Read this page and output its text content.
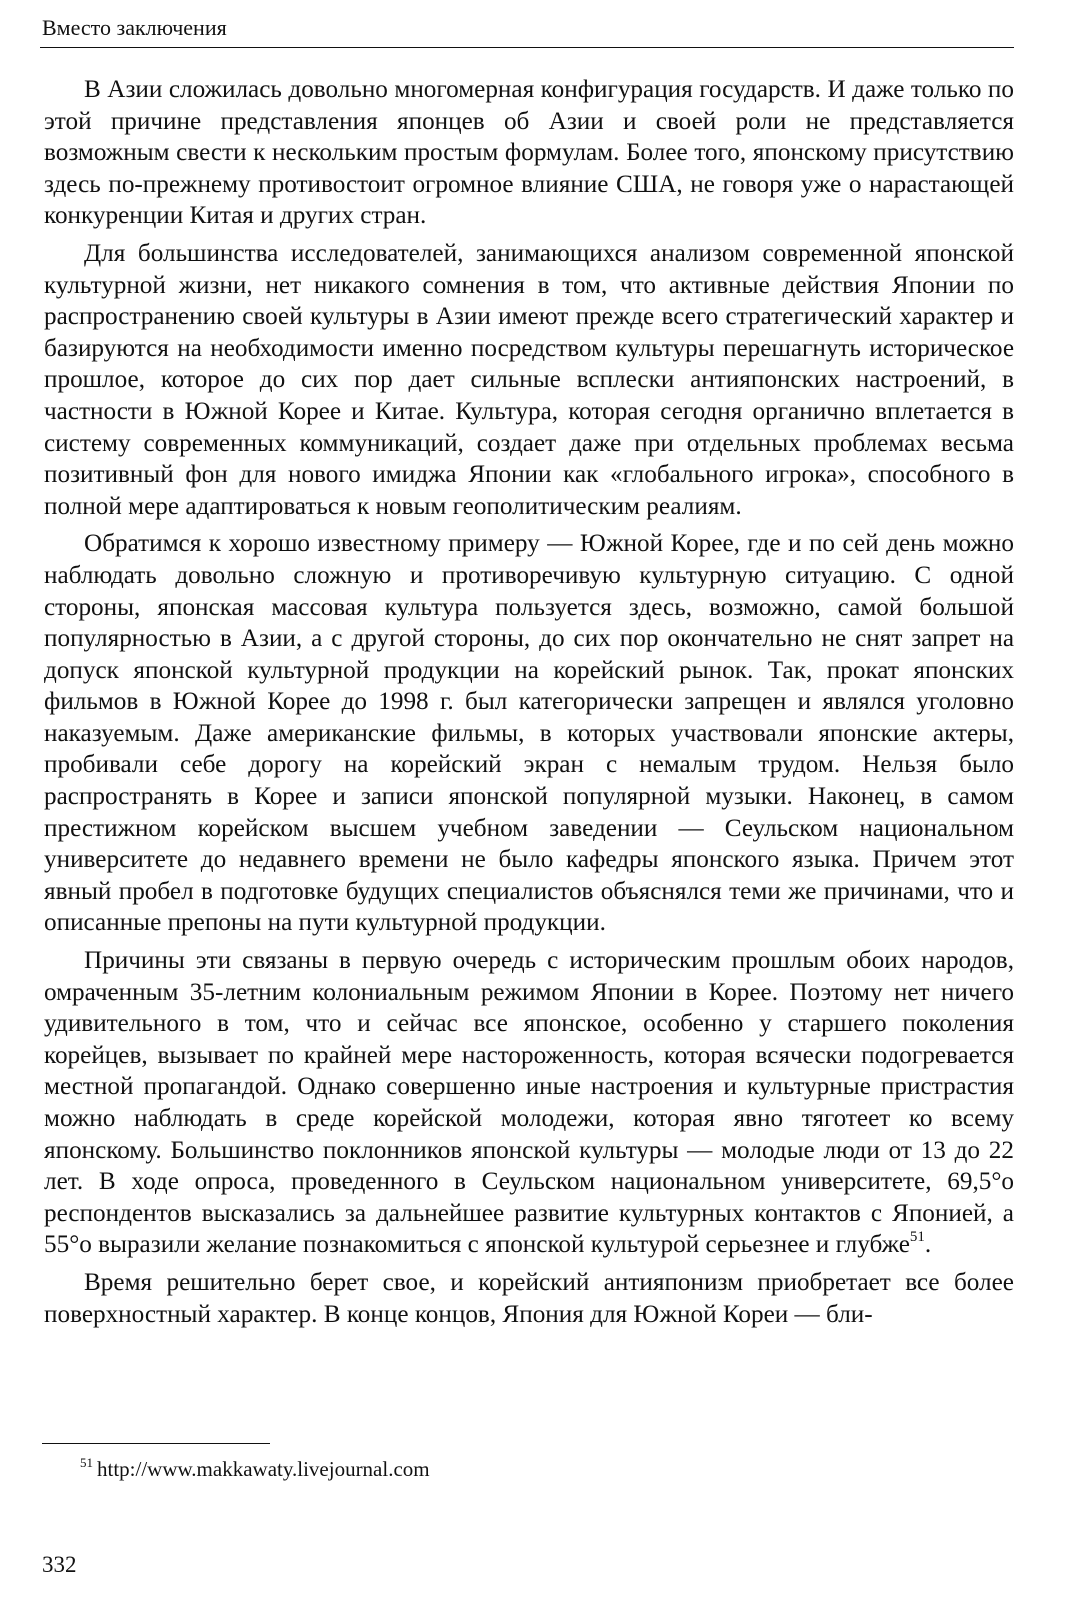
Вместо заключения

В Азии сложилась довольно многомерная конфигурация государств. И даже только по этой причине представления японцев об Азии и своей роли не представляется возможным свести к нескольким простым формулам. Более того, японскому присутствию здесь по-прежнему противостоит огромное влияние США, не говоря уже о нарастающей конкуренции Китая и других стран.

Для большинства исследователей, занимающихся анализом современной японской культурной жизни, нет никакого сомнения в том, что активные действия Японии по распространению своей культуры в Азии имеют прежде всего стратегический характер и базируются на необходимости именно посредством культуры перешагнуть историческое прошлое, которое до сих пор дает сильные всплески антияпонских настроений, в частности в Южной Корее и Китае. Культура, которая сегодня органично вплетается в систему современных коммуникаций, создает даже при отдельных проблемах весьма позитивный фон для нового имиджа Японии как «глобального игрока», способного в полной мере адаптироваться к новым геополитическим реалиям.

Обратимся к хорошо известному примеру — Южной Корее, где и по сей день можно наблюдать довольно сложную и противоречивую культурную ситуацию. С одной стороны, японская массовая культура пользуется здесь, возможно, самой большой популярностью в Азии, а с другой стороны, до сих пор окончательно не снят запрет на допуск японской культурной продукции на корейский рынок. Так, прокат японских фильмов в Южной Корее до 1998 г. был категорически запрещен и являлся уголовно наказуемым. Даже американские фильмы, в которых участвовали японские актеры, пробивали себе дорогу на корейский экран с немалым трудом. Нельзя было распространять в Корее и записи японской популярной музыки. Наконец, в самом престижном корейском высшем учебном заведении — Сеульском национальном университете до недавнего времени не было кафедры японского языка. Причем этот явный пробел в подготовке будущих специалистов объяснялся теми же причинами, что и описанные препоны на пути культурной продукции.

Причины эти связаны в первую очередь с историческим прошлым обоих народов, омраченным 35-летним колониальным режимом Японии в Корее. Поэтому нет ничего удивительного в том, что и сейчас все японское, особенно у старшего поколения корейцев, вызывает по крайней мере настороженность, которая всячески подогревается местной пропагандой. Однако совершенно иные настроения и культурные пристрастия можно наблюдать в среде корейской молодежи, которая явно тяготеет ко всему японскому. Большинство поклонников японской культуры — молодые люди от 13 до 22 лет. В ходе опроса, проведенного в Сеульском национальном университете, 69,5°o респондентов высказались за дальнейшее развитие культурных контактов с Японией, а 55°o выразили желание познакомиться с японской культурой серьезнее и глубже$^{51}$.

Время решительно берет свое, и корейский антияпонизм приобретает все более поверхностный характер. В конце концов, Япония для Южной Кореи — бли-

$^{51}$ http://www.makkawaty.livejournal.com
332
